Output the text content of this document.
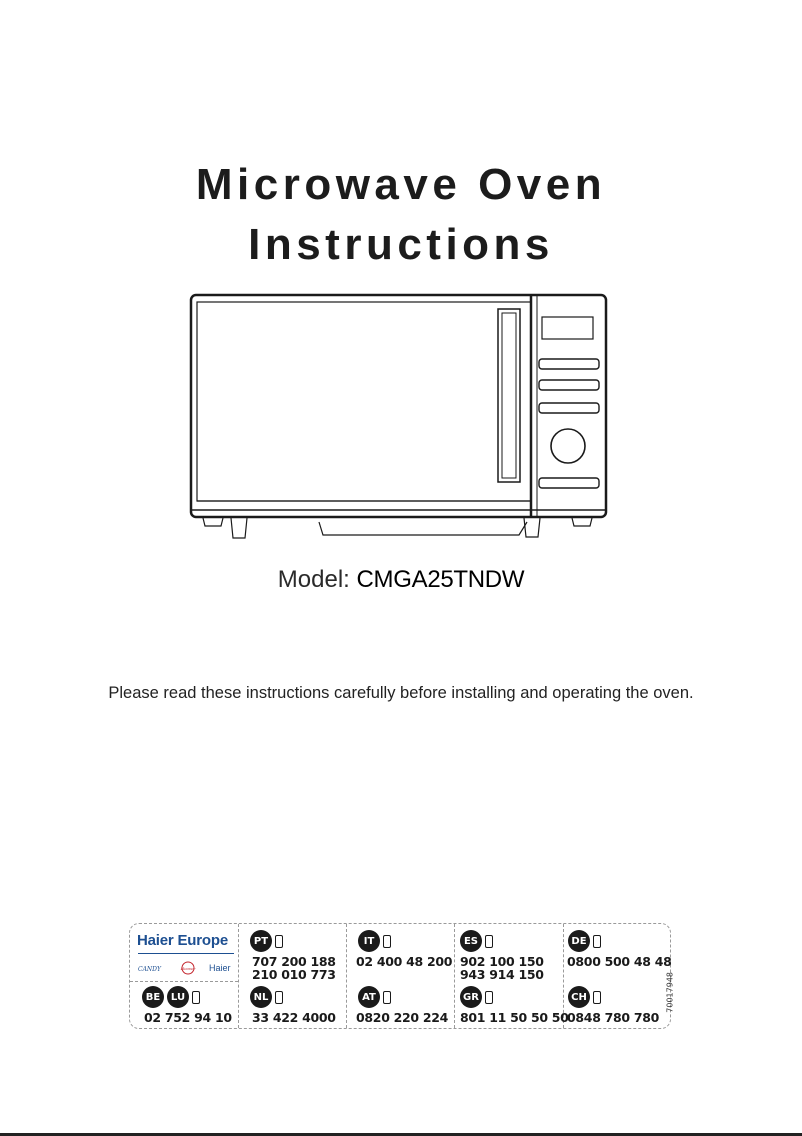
Microwave Oven
Instructions
Model: CMGA25TNDW
Please read these instructions carefully before installing and operating the oven.
Haier Europe
CANDY	Hoover Haier
BE	LU
02 752 94 10
PT
707 200 188
210 010 773
NL
33 422 4000
IT
02 400 48 200
AT
0820 220 224
ES
902 100 150
943 914 150
GR
801 11 50 50 50
DE
0800 500 48 48
CH
0848 780 780
70017948
